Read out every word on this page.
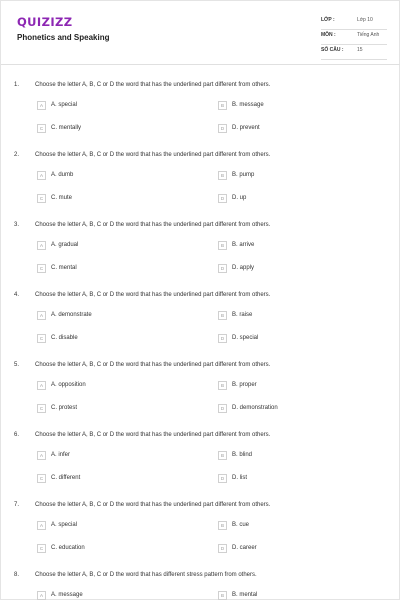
QUIZIZZ
Phonetics and Speaking
LỚP :	Lớp 10
MÔN :	Tiếng Anh
SỐ CÂU :	15
1.	Choose the letter A, B, C or D the word that has the underlined part different from others.
A	A. special	B	B. message
C	C. mentally	D	D. prevent
2.	Choose the letter A, B, C or D the word that has the underlined part different from others.
A	A. dumb	B	B. pump
C	C. mute	D	D. up
3.	Choose the letter A, B, C or D the word that has the underlined part different from others.
A	A. gradual	B	B. arrive
C	C. mental	D	D. apply
4.	Choose the letter A, B, C or D the word that has the underlined part different from others.
A	A. demonstrate	B	B. raise
C	C. disable	D	D. special
5.	Choose the letter A, B, C or D the word that has the underlined part different from others.
A	A. opposition	B	B. proper
C	C. protest	D	D. demonstration
6.	Choose the letter A, B, C or D the word that has the underlined part different from others.
A	A. infer	B	B. blind
C	C. different	D	D. list
7.	Choose the letter A, B, C or D the word that has the underlined part different from others.
A	A. special	B	B. cue
C	C. education	D	D. career
8.	Choose the letter A, B, C or D the word that has different stress pattern from others.
A	A. message	B	B. mental
